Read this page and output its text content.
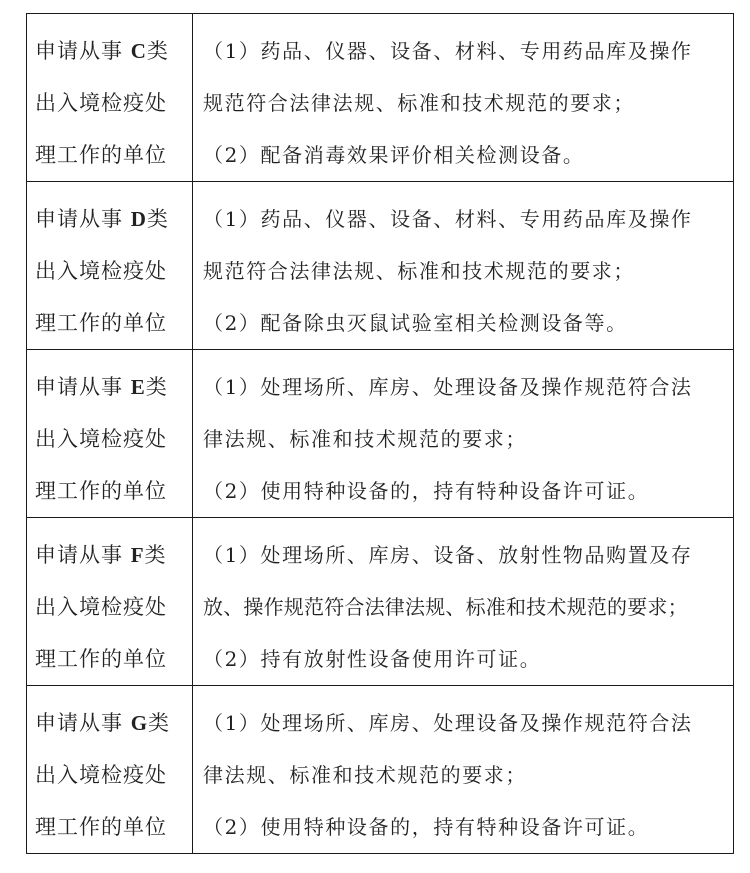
申请从事 C类
出入境检疫处
理工作的单位	（1）药品、仪器、设备、材料、专用药品库及操作
规范符合法律法规、标准和技术规范的要求；
（2）配备消毒效果评价相关检测设备。

申请从事 D类
出入境检疫处
理工作的单位	（1）药品、仪器、设备、材料、专用药品库及操作
规范符合法律法规、标准和技术规范的要求；
（2）配备除虫灭鼠试验室相关检测设备等。

申请从事 E类
出入境检疫处
理工作的单位	（1）处理场所、库房、处理设备及操作规范符合法
律法规、标准和技术规范的要求；
（2）使用特种设备的，持有特种设备许可证。

申请从事 F类
出入境检疫处
理工作的单位	（1）处理场所、库房、设备、放射性物品购置及存
放、操作规范符合法律法规、标准和技术规范的要求；
（2）持有放射性设备使用许可证。

申请从事 G类
出入境检疫处
理工作的单位	（1）处理场所、库房、处理设备及操作规范符合法
律法规、标准和技术规范的要求；
（2）使用特种设备的，持有特种设备许可证。
